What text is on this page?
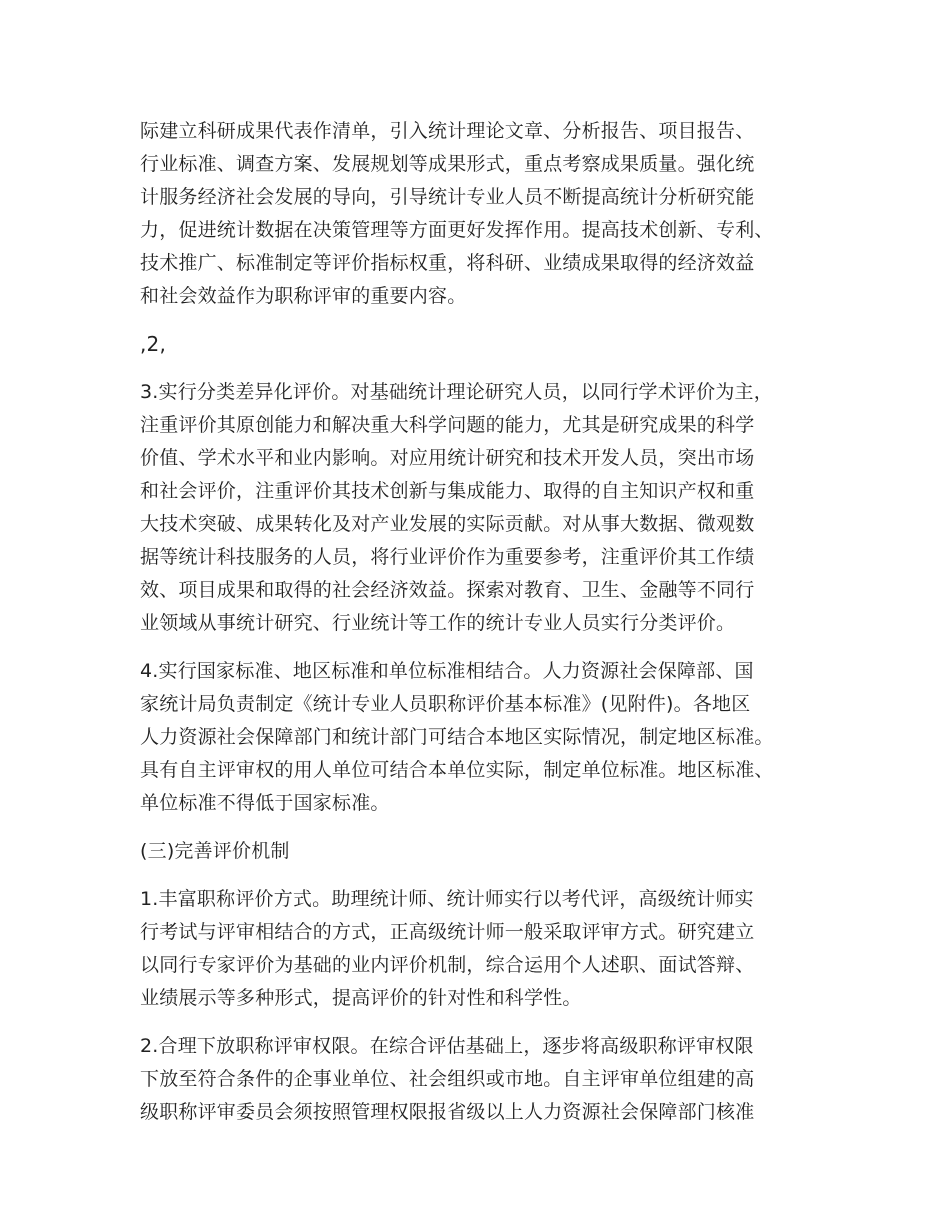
际建立科研成果代表作清单，引入统计理论文章、分析报告、项目报告、
行业标准、调查方案、发展规划等成果形式，重点考察成果质量。强化统
计服务经济社会发展的导向，引导统计专业人员不断提高统计分析研究能
力，促进统计数据在决策管理等方面更好发挥作用。提高技术创新、专利、
技术推广、标准制定等评价指标权重，将科研、业绩成果取得的经济效益
和社会效益作为职称评审的重要内容。
,2,
3.实行分类差异化评价。对基础统计理论研究人员，以同行学术评价为主，
注重评价其原创能力和解决重大科学问题的能力，尤其是研究成果的科学
价值、学术水平和业内影响。对应用统计研究和技术开发人员，突出市场
和社会评价，注重评价其技术创新与集成能力、取得的自主知识产权和重
大技术突破、成果转化及对产业发展的实际贡献。对从事大数据、微观数
据等统计科技服务的人员，将行业评价作为重要参考，注重评价其工作绩
效、项目成果和取得的社会经济效益。探索对教育、卫生、金融等不同行
业领域从事统计研究、行业统计等工作的统计专业人员实行分类评价。
4.实行国家标准、地区标准和单位标准相结合。人力资源社会保障部、国
家统计局负责制定《统计专业人员职称评价基本标准》(见附件)。各地区
人力资源社会保障部门和统计部门可结合本地区实际情况，制定地区标准。
具有自主评审权的用人单位可结合本单位实际，制定单位标准。地区标准、
单位标准不得低于国家标准。
(三)完善评价机制
1.丰富职称评价方式。助理统计师、统计师实行以考代评，高级统计师实
行考试与评审相结合的方式，正高级统计师一般采取评审方式。研究建立
以同行专家评价为基础的业内评价机制，综合运用个人述职、面试答辩、
业绩展示等多种形式，提高评价的针对性和科学性。
2.合理下放职称评审权限。在综合评估基础上，逐步将高级职称评审权限
下放至符合条件的企事业单位、社会组织或市地。自主评审单位组建的高
级职称评审委员会须按照管理权限报省级以上人力资源社会保障部门核准
